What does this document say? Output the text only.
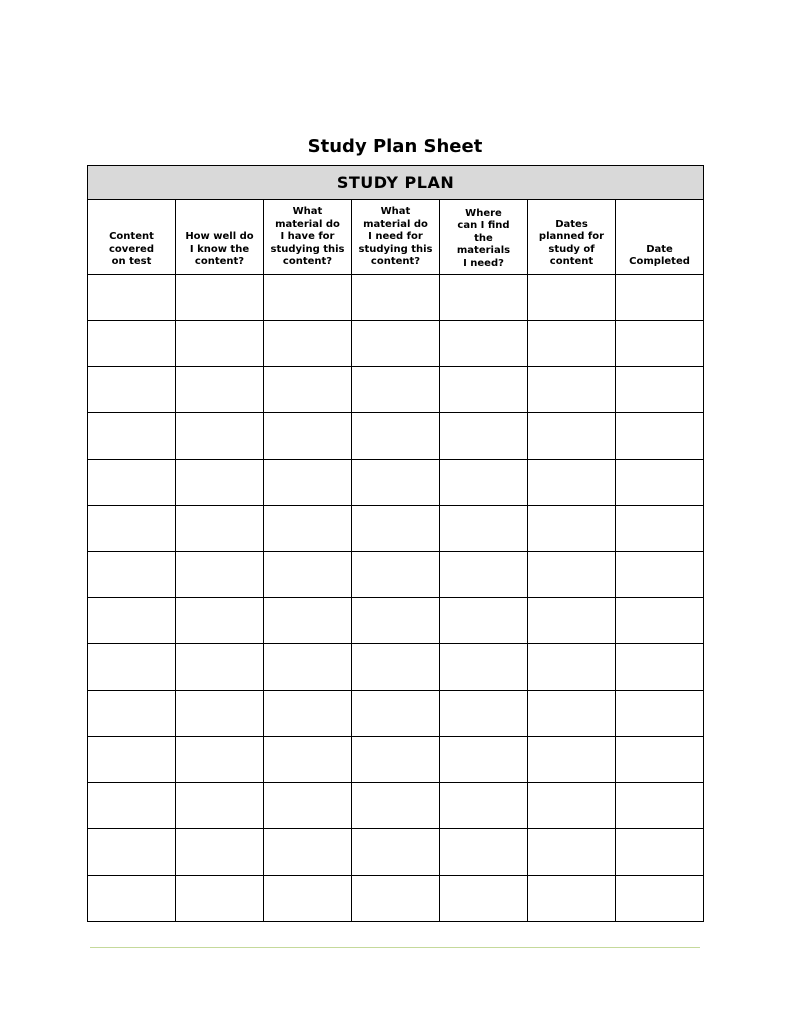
Study Plan Sheet
STUDY PLAN						

Content
covered
on test	How well do
I know the
content?	What
material do
I have for
studying this
content?	What
material do
I need for
studying this
content?	Where
can I find
the
materials
I need?	Dates
planned for
study of
content	Date
Completed
